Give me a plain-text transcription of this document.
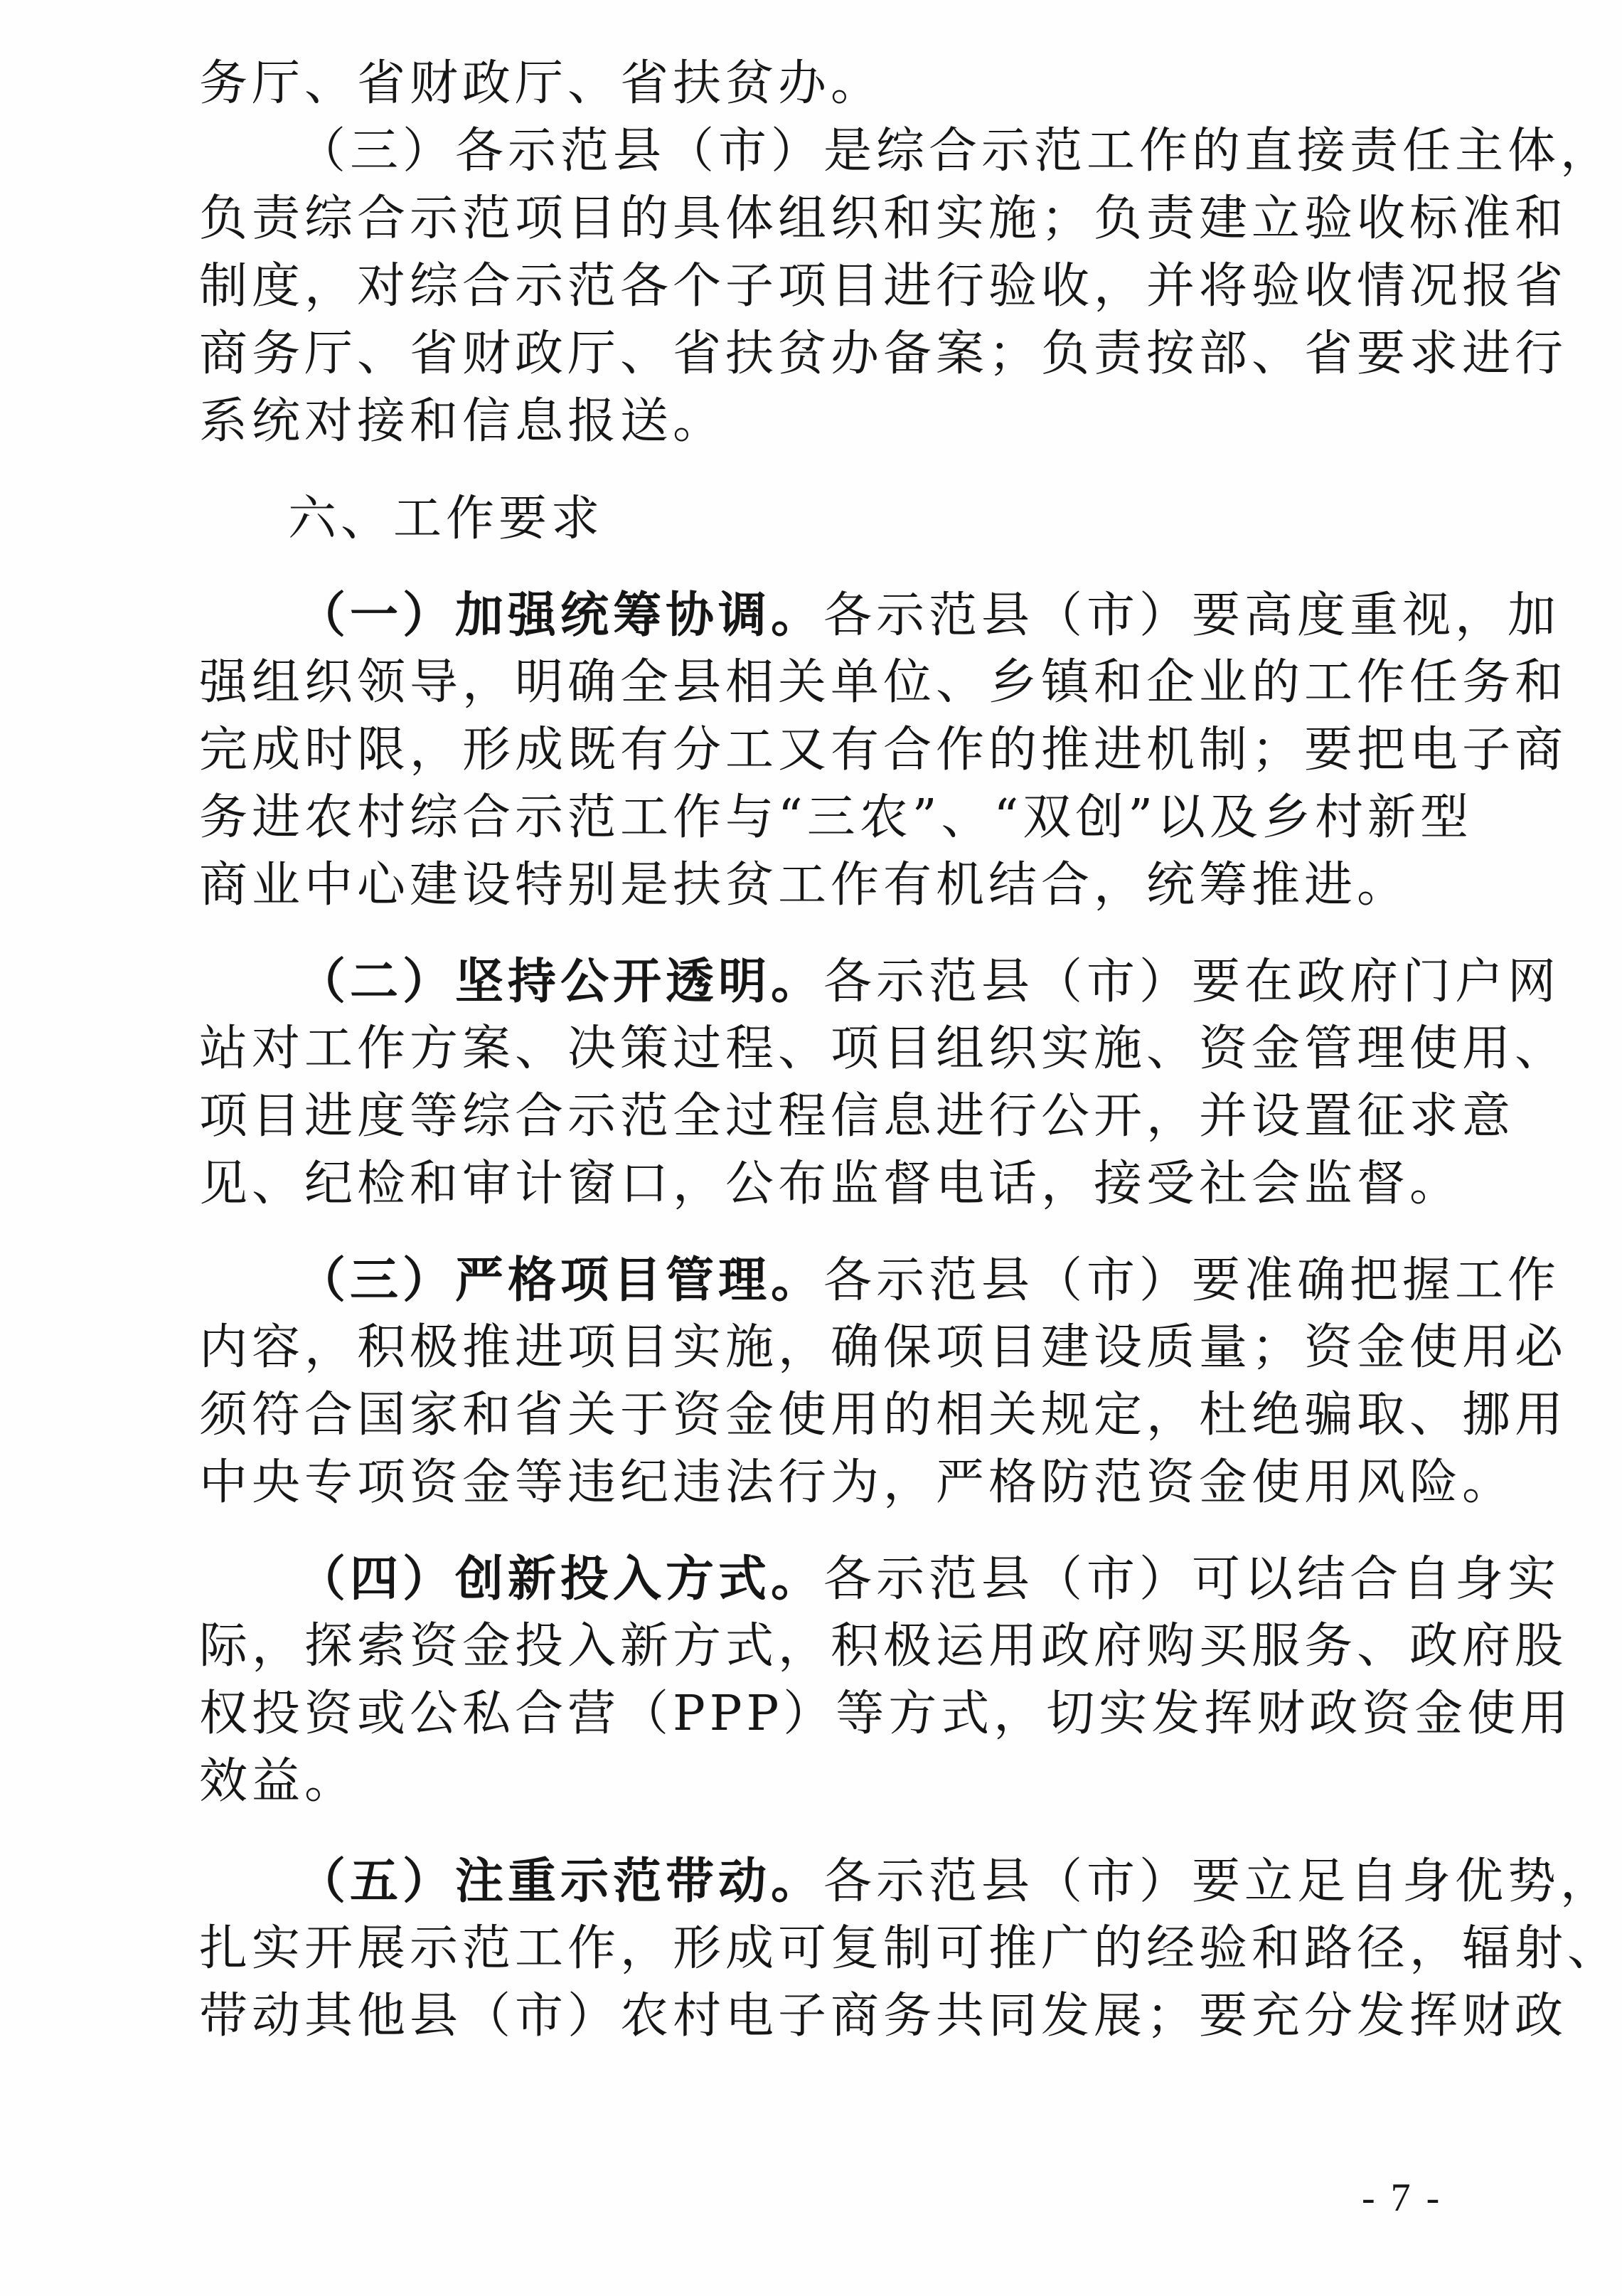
务厅、省财政厅、省扶贫办。
（三）各示范县（市）是综合示范工作的直接责任主体，
负责综合示范项目的具体组织和实施；负责建立验收标准和
制度，对综合示范各个子项目进行验收，并将验收情况报省
商务厅、省财政厅、省扶贫办备案；负责按部、省要求进行
系统对接和信息报送。
六、工作要求
（一）加强统筹协调。各示范县（市）要高度重视，加
强组织领导，明确全县相关单位、乡镇和企业的工作任务和
完成时限，形成既有分工又有合作的推进机制；要把电子商
务进农村综合示范工作与“三农”、“双创”以及乡村新型
商业中心建设特别是扶贫工作有机结合，统筹推进。
（二）坚持公开透明。各示范县（市）要在政府门户网
站对工作方案、决策过程、项目组织实施、资金管理使用、
项目进度等综合示范全过程信息进行公开，并设置征求意
见、纪检和审计窗口，公布监督电话，接受社会监督。
（三）严格项目管理。各示范县（市）要准确把握工作
内容，积极推进项目实施，确保项目建设质量；资金使用必
须符合国家和省关于资金使用的相关规定，杜绝骗取、挪用
中央专项资金等违纪违法行为，严格防范资金使用风险。
（四）创新投入方式。各示范县（市）可以结合自身实
际，探索资金投入新方式，积极运用政府购买服务、政府股
权投资或公私合营（PPP）等方式，切实发挥财政资金使用
效益。
（五）注重示范带动。各示范县（市）要立足自身优势，
扎实开展示范工作，形成可复制可推广的经验和路径，辐射、
带动其他县（市）农村电子商务共同发展；要充分发挥财政
- 7 -
